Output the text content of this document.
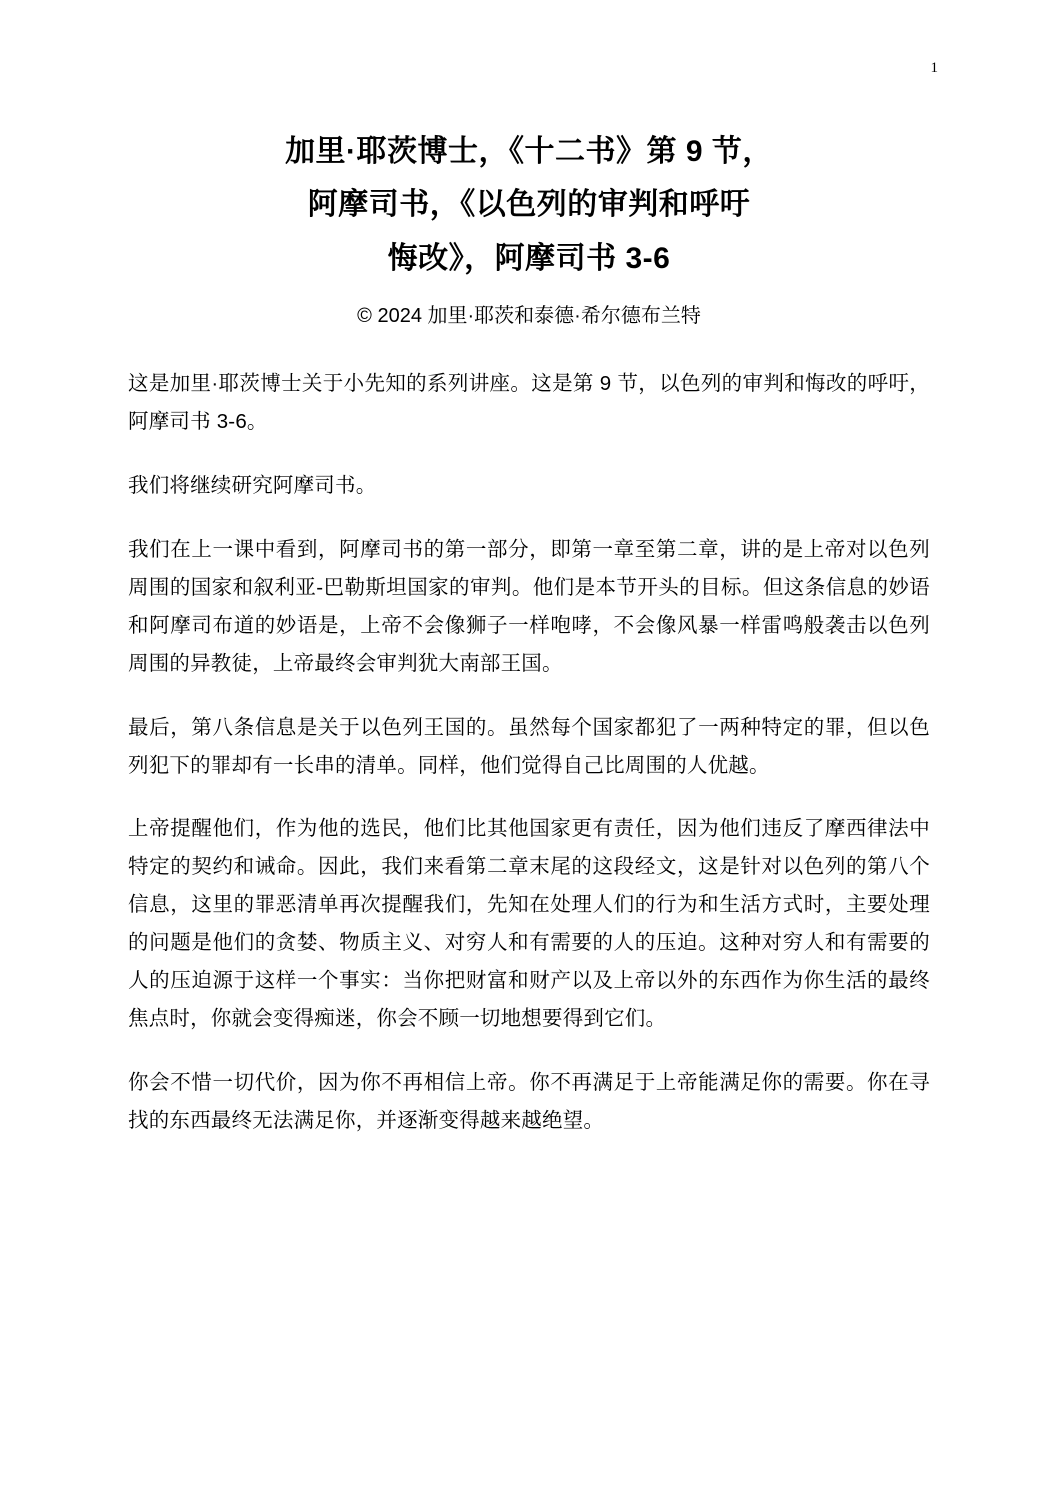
1
加里·耶茨博士，《十二书》第 9 节，
阿摩司书，《以色列的审判和呼吁
悔改》，阿摩司书 3-6
© 2024 加里·耶茨和泰德·希尔德布兰特

这是加里·耶茨博士关于小先知的系列讲座。这是第 9 节，以色列的审判和悔改的呼吁，阿摩司书 3-6。

我们将继续研究阿摩司书。

我们在上一课中看到，阿摩司书的第一部分，即第一章至第二章，讲的是上帝对以色列周围的国家和叙利亚-巴勒斯坦国家的审判。他们是本节开头的目标。但这条信息的妙语和阿摩司布道的妙语是，上帝不会像狮子一样咆哮，不会像风暴一样雷鸣般袭击以色列周围的异教徒，上帝最终会审判犹大南部王国。

最后，第八条信息是关于以色列王国的。虽然每个国家都犯了一两种特定的罪，但以色列犯下的罪却有一长串的清单。同样，他们觉得自己比周围的人优越。

上帝提醒他们，作为他的选民，他们比其他国家更有责任，因为他们违反了摩西律法中特定的契约和诫命。因此，我们来看第二章末尾的这段经文，这是针对以色列的第八个信息，这里的罪恶清单再次提醒我们，先知在处理人们的行为和生活方式时，主要处理的问题是他们的贪婪、物质主义、对穷人和有需要的人的压迫。这种对穷人和有需要的人的压迫源于这样一个事实：当你把财富和财产以及上帝以外的东西作为你生活的最终焦点时，你就会变得痴迷，你会不顾一切地想要得到它们。

你会不惜一切代价，因为你不再相信上帝。你不再满足于上帝能满足你的需要。你在寻找的东西最终无法满足你，并逐渐变得越来越绝望。
